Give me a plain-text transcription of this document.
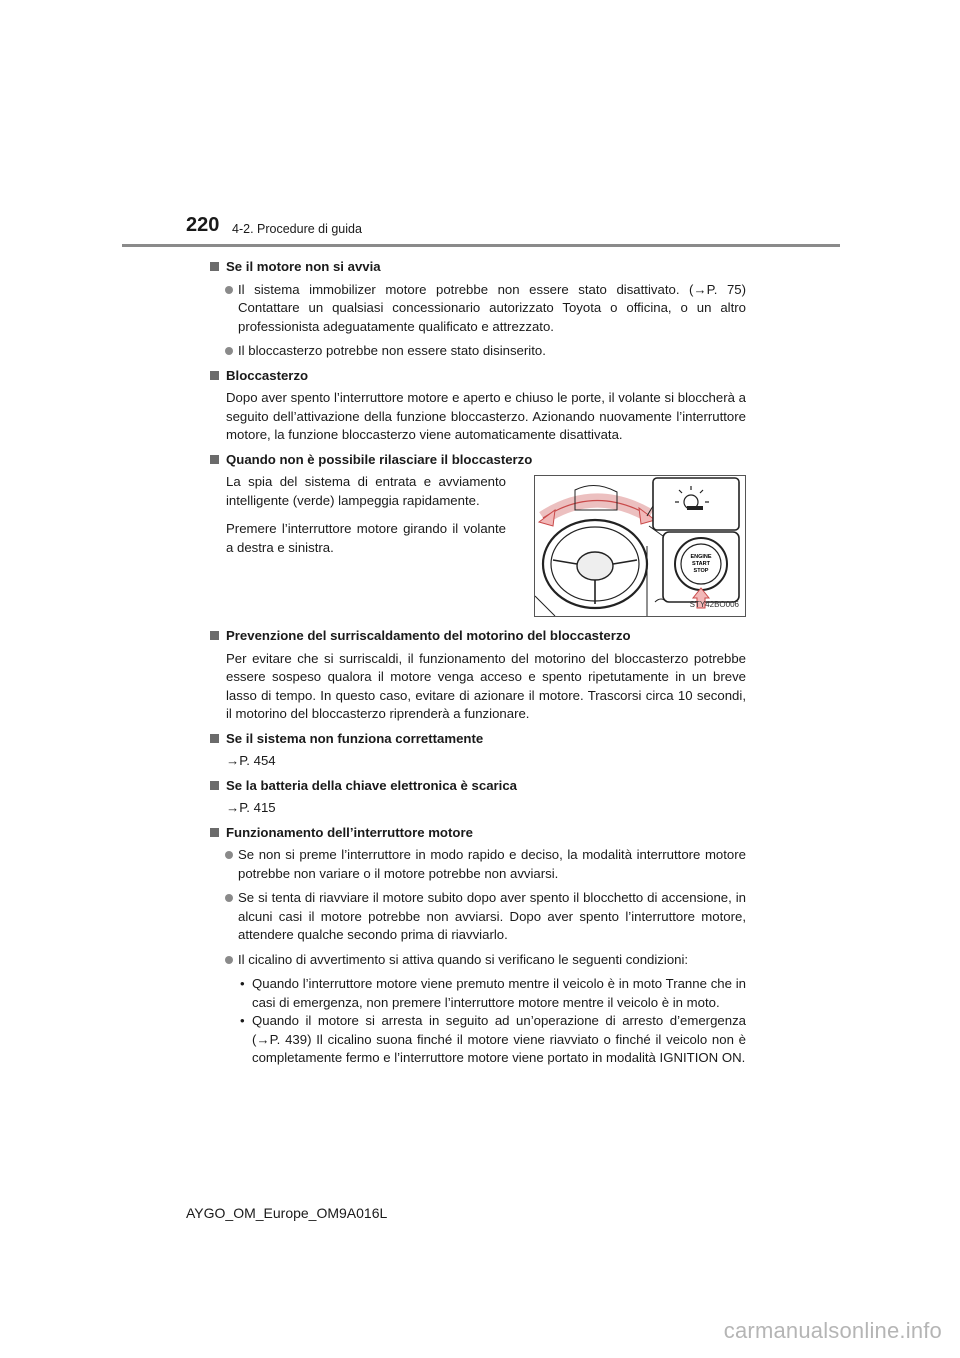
220 4-2. Procedure di guida
Se il motore non si avvia
Il sistema immobilizer motore potrebbe non essere stato disattivato. (→P. 75) Contattare un qualsiasi concessionario autorizzato Toyota o officina, o un altro professionista adeguatamente qualificato e attrezzato.
Il bloccasterzo potrebbe non essere stato disinserito.
Bloccasterzo

Dopo aver spento l’interruttore motore e aperto e chiuso le porte, il volante si bloccherà a seguito dell’attivazione della funzione bloccasterzo. Azionando nuovamente l’interruttore motore, la funzione bloccasterzo viene automaticamente disattivata.

Quando non è possibile rilasciare il bloccasterzo

La spia del sistema di entrata e avviamento intelligente (verde) lampeggia rapidamente.

Premere l’interruttore motore girando il volante a destra e sinistra.

ENGINE
START
STOP
STY42BO006
Prevenzione del surriscaldamento del motorino del bloccasterzo

Per evitare che si surriscaldi, il funzionamento del motorino del bloccasterzo potrebbe essere sospeso qualora il motore venga acceso e spento ripetutamente in un breve lasso di tempo. In questo caso, evitare di azionare il motore. Trascorsi circa 10 secondi, il motorino del bloccasterzo riprenderà a funzionare.

Se il sistema non funziona correttamente
→P. 454
Se la batteria della chiave elettronica è scarica
→P. 415
Funzionamento dell’interruttore motore
Se non si preme l’interruttore in modo rapido e deciso, la modalità interruttore motore potrebbe non variare o il motore potrebbe non avviarsi.
Se si tenta di riavviare il motore subito dopo aver spento il blocchetto di accensione, in alcuni casi il motore potrebbe non avviarsi. Dopo aver spento l’interruttore motore, attendere qualche secondo prima di riavviarlo.
Il cicalino di avvertimento si attiva quando si verificano le seguenti condizioni:
• Quando l’interruttore motore viene premuto mentre il veicolo è in moto Tranne che in casi di emergenza, non premere l’interruttore motore mentre il veicolo è in moto.
• Quando il motore si arresta in seguito ad un’operazione di arresto d’emergenza (→P. 439) Il cicalino suona finché il motore viene riavviato o finché il veicolo non è completamente fermo e l’interruttore motore viene portato in modalità IGNITION ON.
AYGO_OM_Europe_OM9A016L
carmanualsonline.info
